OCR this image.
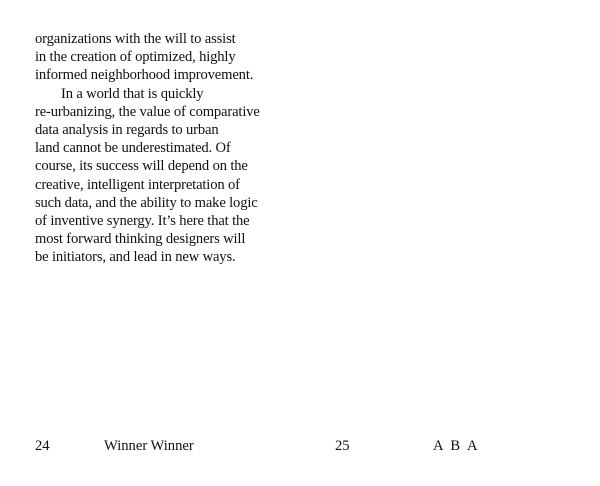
organizations with the will to assist
in the creation of optimized, highly
informed neighborhood improvement.
In a world that is quickly
re-urbanizing, the value of comparative
data analysis in regards to urban
land cannot be underestimated. Of
course, its success will depend on the
creative, intelligent interpretation of
such data, and the ability to make logic
of inventive synergy. It’s here that the
most forward thinking designers will
be initiators, and lead in new ways.

24	Winner Winner	25	A B A
